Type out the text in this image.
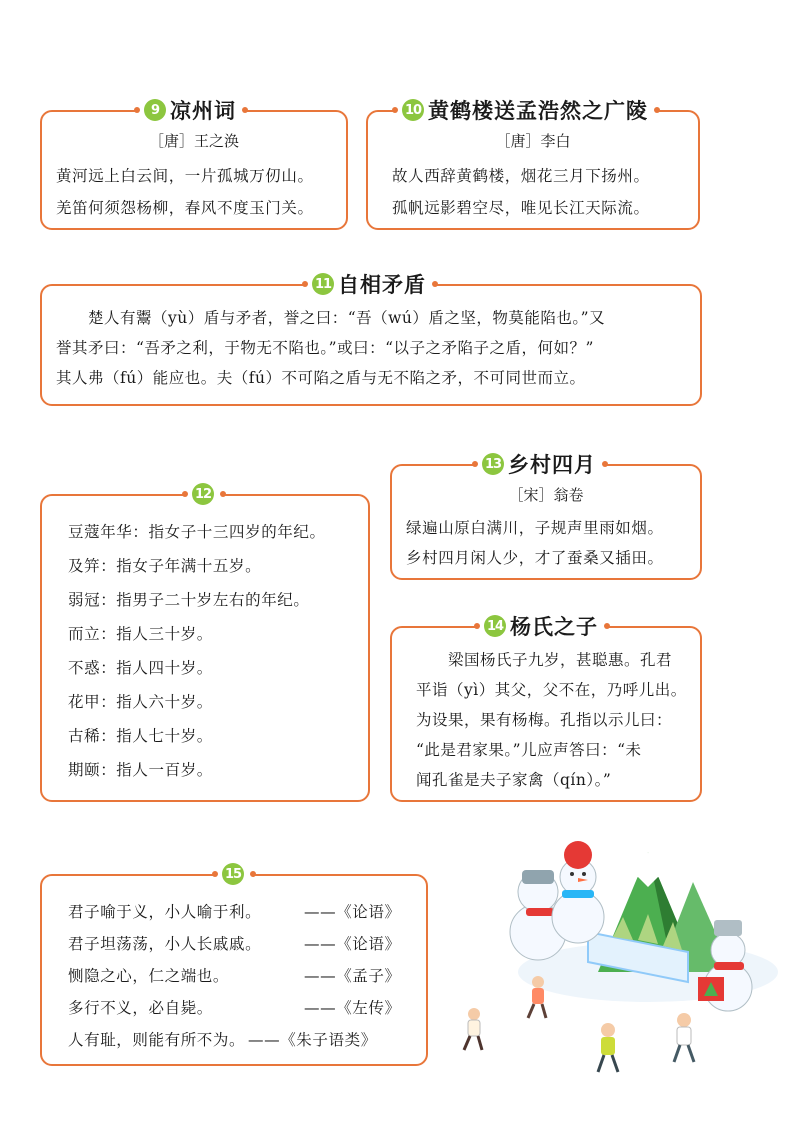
［唐］王之涣
黄河远上白云间，一片孤城万仞山。
羌笛何须怨杨柳，春风不度玉门关。
9 凉州词
［唐］李白
故人西辞黄鹤楼，烟花三月下扬州。
孤帆远影碧空尽，唯见长江天际流。
10 黄鹤楼送孟浩然之广陵
楚人有鬻（yù）盾与矛者，誉之曰：“吾（wú）盾之坚，物莫能陷也。”又
誉其矛曰：“吾矛之利，于物无不陷也。”或曰：“以子之矛陷子之盾，何如？”
其人弗（fú）能应也。夫（fú）不可陷之盾与无不陷之矛，不可同世而立。
11 自相矛盾
豆蔻年华：指女子十三四岁的年纪。
及笄：指女子年满十五岁。
弱冠：指男子二十岁左右的年纪。
而立：指人三十岁。
不惑：指人四十岁。
花甲：指人六十岁。
古稀：指人七十岁。
期颐：指人一百岁。
12	［宋］翁卷
绿遍山原白满川，子规声里雨如烟。
乡村四月闲人少，才了蚕桑又插田。
13 乡村四月
梁国杨氏子九岁，甚聪惠。孔君
平诣（yì）其父，父不在，乃呼儿出。
为设果，果有杨梅。孔指以示儿曰：
“此是君家果。”儿应声答曰：“未
闻孔雀是夫子家禽（qín）。”
14 杨氏之子
君子喻于义，小人喻于利。	——《论语》
君子坦荡荡，小人长戚戚。	——《论语》
恻隐之心，仁之端也。	——《孟子》
多行不义，必自毙。	——《左传》
人有耻，则能有所不为。 ——《朱子语类》
15
